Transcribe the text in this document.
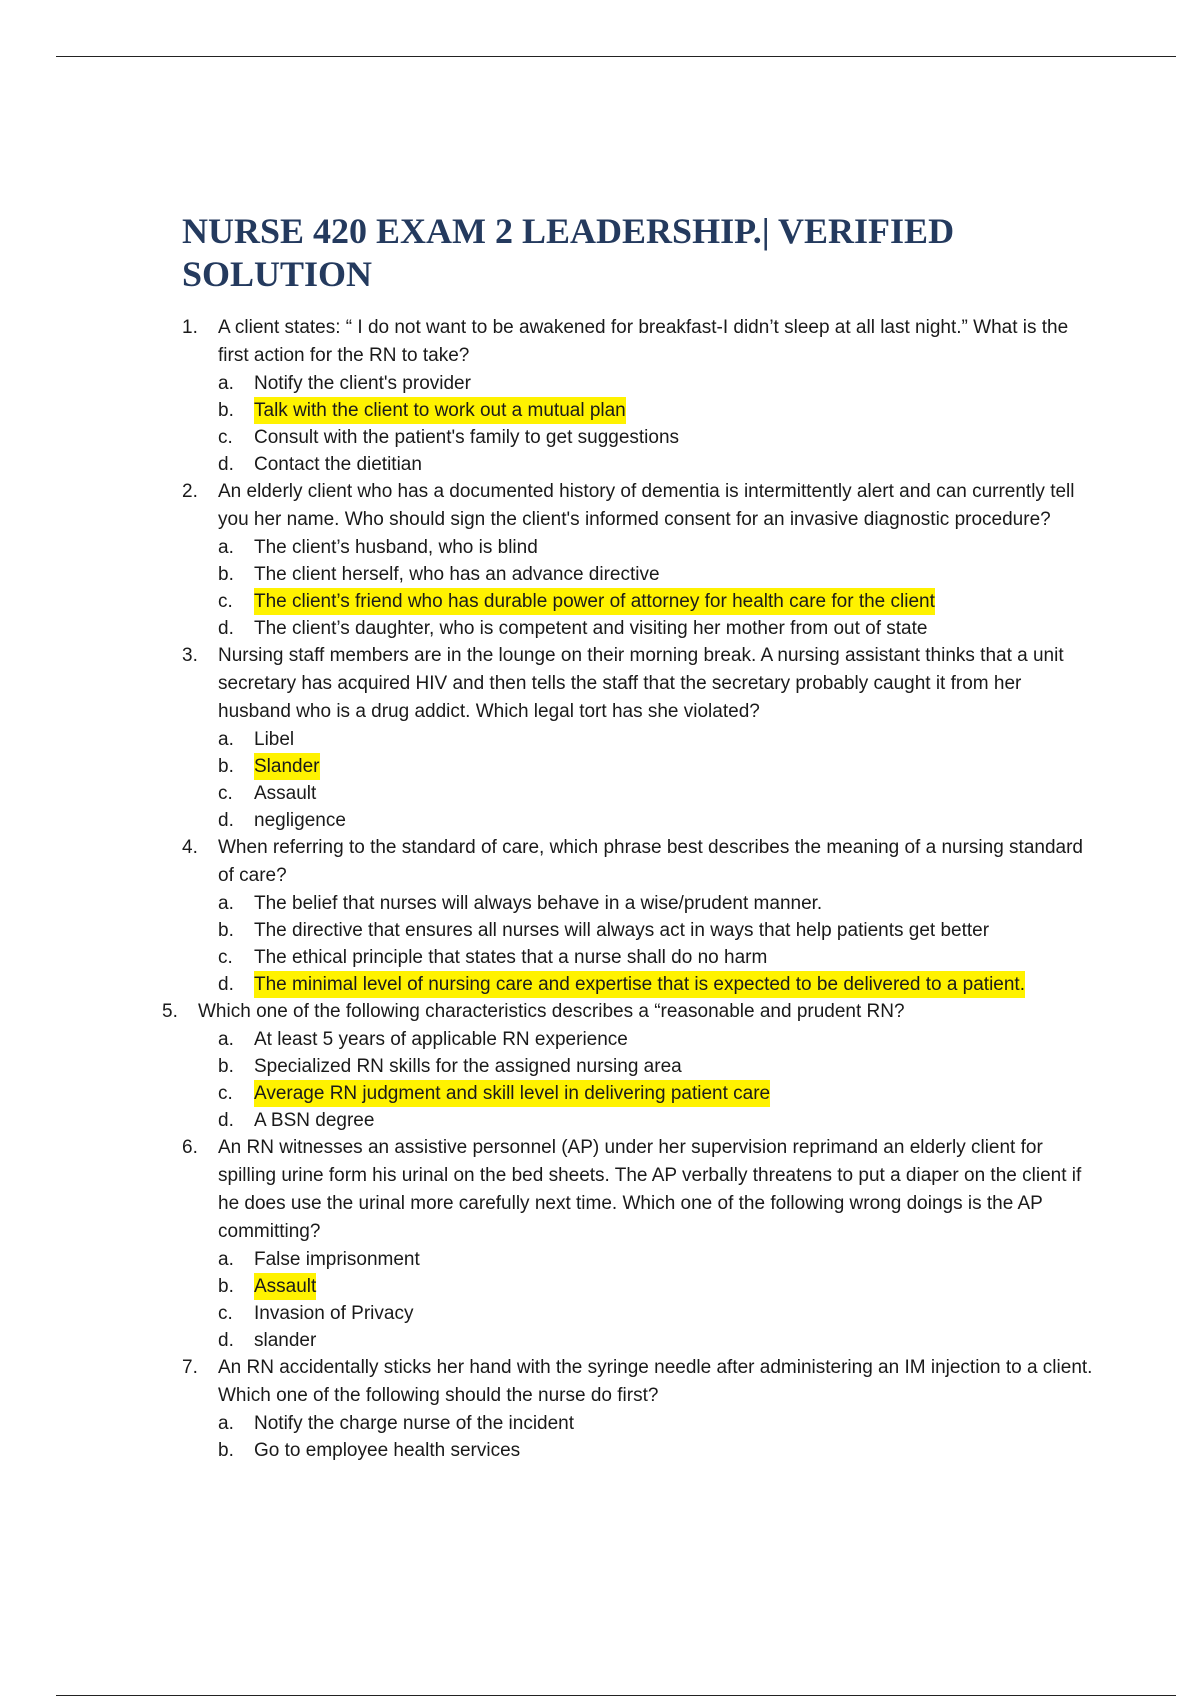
NURSE 420 EXAM 2 LEADERSHIP.| VERIFIED SOLUTION
1. A client states: “ I do not want to be awakened for breakfast-I didn’t sleep at all last night.” What is the first action for the RN to take?
a. Notify the client's provider
b. Talk with the client to work out a mutual plan
c. Consult with the patient's family to get suggestions
d. Contact the dietitian
2. An elderly client who has a documented history of dementia is intermittently alert and can currently tell you her name. Who should sign the client's informed consent for an invasive diagnostic procedure?
a. The client’s husband, who is blind
b. The client herself, who has an advance directive
c. The client’s friend who has durable power of attorney for health care for the client
d. The client’s daughter, who is competent and visiting her mother from out of state
3. Nursing staff members are in the lounge on their morning break. A nursing assistant thinks that a unit secretary has acquired HIV and then tells the staff that the secretary probably caught it from her husband who is a drug addict. Which legal tort has she violated?
a. Libel
b. Slander
c. Assault
d. negligence
4. When referring to the standard of care, which phrase best describes the meaning of a nursing standard of care?
a. The belief that nurses will always behave in a wise/prudent manner.
b. The directive that ensures all nurses will always act in ways that help patients get better
c. The ethical principle that states that a nurse shall do no harm
d. The minimal level of nursing care and expertise that is expected to be delivered to a patient.
5. Which one of the following characteristics describes a “reasonable and prudent RN?
a. At least 5 years of applicable RN experience
b. Specialized RN skills for the assigned nursing area
c. Average RN judgment and skill level in delivering patient care
d. A BSN degree
6. An RN witnesses an assistive personnel (AP) under her supervision reprimand an elderly client for spilling urine form his urinal on the bed sheets. The AP verbally threatens to put a diaper on the client if he does use the urinal more carefully next time. Which one of the following wrong doings is the AP committing?
a. False imprisonment
b. Assault
c. Invasion of Privacy
d. slander
7. An RN accidentally sticks her hand with the syringe needle after administering an IM injection to a client. Which one of the following should the nurse do first?
a. Notify the charge nurse of the incident
b. Go to employee health services
